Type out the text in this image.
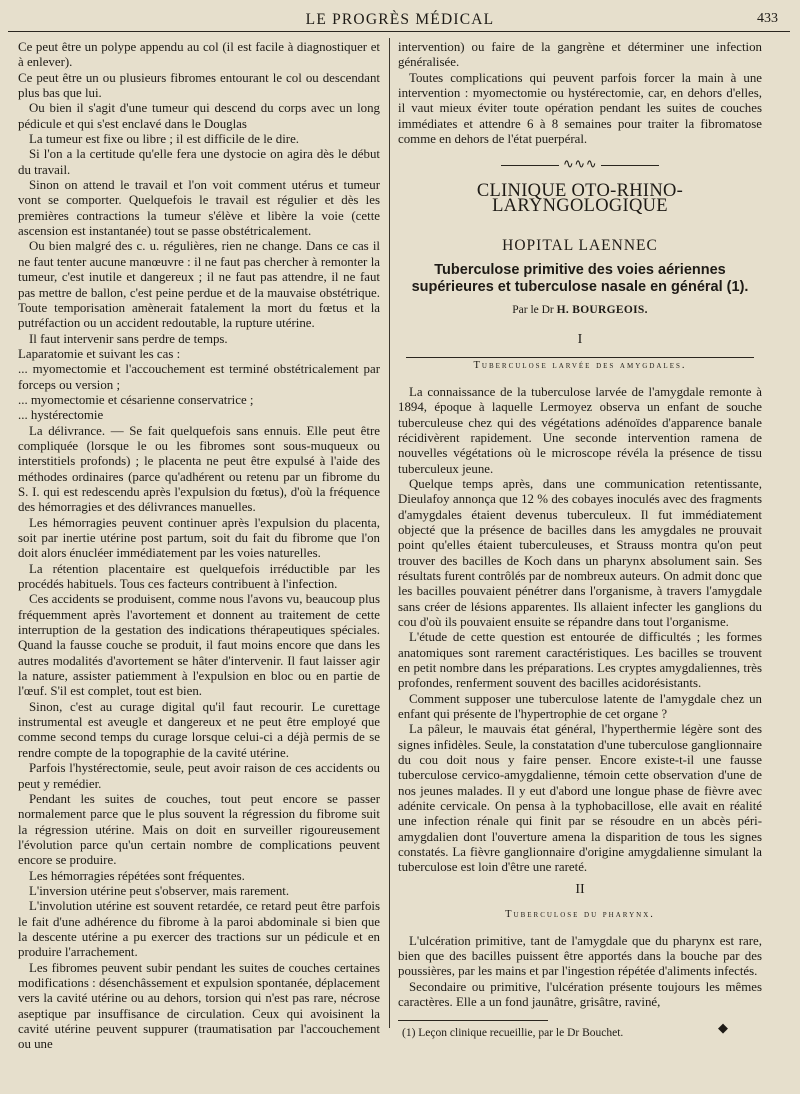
LE PROGRÈS MÉDICAL	433

Ce peut être un polype appendu au col (il est facile à diagnostiquer et à enlever).

Ce peut être un ou plusieurs fibromes entourant le col ou descendant plus bas que lui.

Ou bien il s'agit d'une tumeur qui descend du corps avec un long pédicule et qui s'est enclavé dans le Douglas

La tumeur est fixe ou libre ; il est difficile de le dire.

Si l'on a la certitude qu'elle fera une dystocie on agira dès le début du travail.

Sinon on attend le travail et l'on voit comment utérus et tumeur vont se comporter. Quelquefois le travail est régulier et dès les premières contractions la tumeur s'élève et libère la voie (cette ascension est instantanée) tout se passe obstétricalement.

Ou bien malgré des c. u. régulières, rien ne change. Dans ce cas il ne faut tenter aucune manœuvre : il ne faut pas chercher à remonter la tumeur, c'est inutile et dangereux ; il ne faut pas attendre, il ne faut pas mettre de ballon, c'est peine perdue et de la mauvaise obstétrique. Toute temporisation amènerait fatalement la mort du fœtus et la putréfaction ou un accident redoutable, la rupture utérine.

Il faut intervenir sans perdre de temps.

Laparatomie et suivant les cas :

... myomectomie et l'accouchement est terminé obstétricalement par forceps ou version ;

... myomectomie et césarienne conservatrice ;

... hystérectomie

La délivrance. — Se fait quelquefois sans ennuis. Elle peut être compliquée (lorsque le ou les fibromes sont sous-muqueux ou interstitiels profonds) ; le placenta ne peut être expulsé à l'aide des méthodes ordinaires (parce qu'adhérent ou retenu par un fibrome du S. I. qui est redescendu après l'expulsion du fœtus), d'où la fréquence des hémorragies et des délivrances manuelles.

Les hémorragies peuvent continuer après l'expulsion du placenta, soit par inertie utérine post partum, soit du fait du fibrome que l'on doit alors énucléer immédiatement par les voies naturelles.

La rétention placentaire est quelquefois irréductible par les procédés habituels. Tous ces facteurs contribuent à l'infection.

Ces accidents se produisent, comme nous l'avons vu, beaucoup plus fréquemment après l'avortement et donnent au traitement de cette interruption de la gestation des indications thérapeutiques spéciales. Quand la fausse couche se produit, il faut moins encore que dans les autres modalités d'avortement se hâter d'intervenir. Il faut laisser agir la nature, assister patiemment à l'expulsion en bloc ou en partie de l'œuf. S'il est complet, tout est bien.

Sinon, c'est au curage digital qu'il faut recourir. Le curettage instrumental est aveugle et dangereux et ne peut être employé que comme second temps du curage lorsque celui-ci a déjà permis de se rendre compte de la topographie de la cavité utérine.

Parfois l'hystérectomie, seule, peut avoir raison de ces accidents ou peut y remédier.

Pendant les suites de couches, tout peut encore se passer normalement parce que le plus souvent la régression du fibrome suit la régression utérine. Mais on doit en surveiller rigoureusement l'évolution parce qu'un certain nombre de complications peuvent encore se produire.

Les hémorragies répétées sont fréquentes.

L'inversion utérine peut s'observer, mais rarement.

L'involution utérine est souvent retardée, ce retard peut être parfois le fait d'une adhérence du fibrome à la paroi abdominale si bien que la descente utérine a pu exercer des tractions sur un pédicule et en produire l'arrachement.

Les fibromes peuvent subir pendant les suites de couches certaines modifications : désenchâssement et expulsion spontanée, déplacement vers la cavité utérine ou au dehors, torsion qui n'est pas rare, nécrose aseptique par insuffisance de circulation. Ceux qui avoisinent la cavité utérine peuvent suppurer (traumatisation par l'accouchement ou une

intervention) ou faire de la gangrène et déterminer une infection généralisée.

Toutes complications qui peuvent parfois forcer la main à une intervention : myomectomie ou hystérectomie, car, en dehors d'elles, il vaut mieux éviter toute opération pendant les suites de couches immédiates et attendre 6 à 8 semaines pour traiter la fibromatose comme en dehors de l'état puerpéral.

∿∿∿
CLINIQUE OTO-RHINO-LARYNGOLOGIQUE
HOPITAL LAENNEC
Tuberculose primitive des voies aériennes supérieures et tuberculose nasale en général (1).
Par le Dr H. BOURGEOIS.
I
Tuberculose larvée des amygdales.

La connaissance de la tuberculose larvée de l'amygdale remonte à 1894, époque à laquelle Lermoyez observa un enfant de souche tuberculeuse chez qui des végétations adénoïdes d'apparence banale récidivèrent rapidement. Une seconde intervention ramena de nouvelles végétations où le microscope révéla la présence de tissu tuberculeux jeune.

Quelque temps après, dans une communication retentissante, Dieulafoy annonça que 12 % des cobayes inoculés avec des fragments d'amygdales étaient devenus tuberculeux. Il fut immédiatement objecté que la présence de bacilles dans les amygdales ne prouvait point qu'elles étaient tuberculeuses, et Strauss montra qu'on peut trouver des bacilles de Koch dans un pharynx absolument sain. Ses résultats furent contrôlés par de nombreux auteurs. On admit donc que les bacilles pouvaient pénétrer dans l'organisme, à travers l'amygdale sans créer de lésions apparentes. Ils allaient infecter les ganglions du cou d'où ils pouvaient ensuite se répandre dans tout l'organisme.

L'étude de cette question est entourée de difficultés ; les formes anatomiques sont rarement caractéristiques. Les bacilles se trouvent en petit nombre dans les préparations. Les cryptes amygdaliennes, très profondes, renferment souvent des bacilles acidorésistants.

Comment supposer une tuberculose latente de l'amygdale chez un enfant qui présente de l'hypertrophie de cet organe ?

La pâleur, le mauvais état général, l'hyperthermie légère sont des signes infidèles. Seule, la constatation d'une tuberculose ganglionnaire du cou doit nous y faire penser. Encore existe-t-il une fausse tuberculose cervico-amygdalienne, témoin cette observation d'une de nos jeunes malades. Il y eut d'abord une longue phase de fièvre avec adénite cervicale. On pensa à la typhobacillose, elle avait en réalité une infection rénale qui finit par se résoudre en un abcès péri-amygdalien dont l'ouverture amena la disparition de tous les signes constatés. La fièvre ganglionnaire d'origine amygdalienne simulant la tuberculose est loin d'être une rareté.

II
Tuberculose du pharynx.

L'ulcération primitive, tant de l'amygdale que du pharynx est rare, bien que des bacilles puissent être apportés dans la bouche par des poussières, par les mains et par l'ingestion répétée d'aliments infectés.

Secondaire ou primitive, l'ulcération présente toujours les mêmes caractères. Elle a un fond jaunâtre, grisâtre, raviné,

(1) Leçon clinique recueillie, par le Dr Bouchet.	◆
